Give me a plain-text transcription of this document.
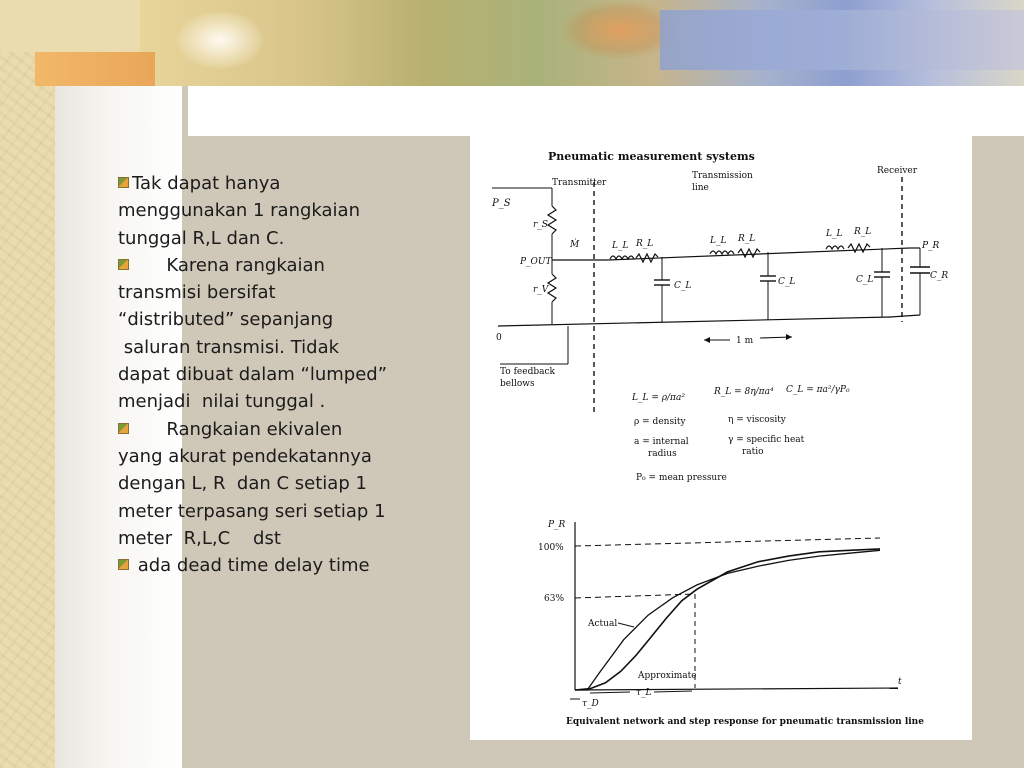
Tak dapat hanya
menggunakan 1 rangkaian
tunggal R,L dan C.

Karena rangkaian
transmisi bersifat
“distributed” sepanjang
saluran transmisi. Tidak
dapat dibuat dalam “lumped”
menjadi  nilai tunggal .

Rangkaian ekivalen
yang akurat pendekatannya
dengan L, R  dan C setiap 1
meter terpasang seri setiap 1
meter  R,L,C    dst

ada dead time delay time

Pneumatic measurement systems
Transmitter
Transmission
line
Receiver
P_S
r_S
P_OUT
Ṁ
r_V
0
To feedback
bellows
L_L R_L
C_L
L_L R_L
C_L
L_L R_L
C_L
P_R
C_R
1 m
L_L = ρ/πa²
R_L = 8η/πa⁴ C_L = πa²/γP₀
ρ = density	η = viscosity
a = internal
radius
γ = specific heat
ratio
P₀ = mean pressure
P_R
t
100%
63%
Actual
Approximate
τ_D
τ_L
Equivalent network and step response for pneumatic transmission line
